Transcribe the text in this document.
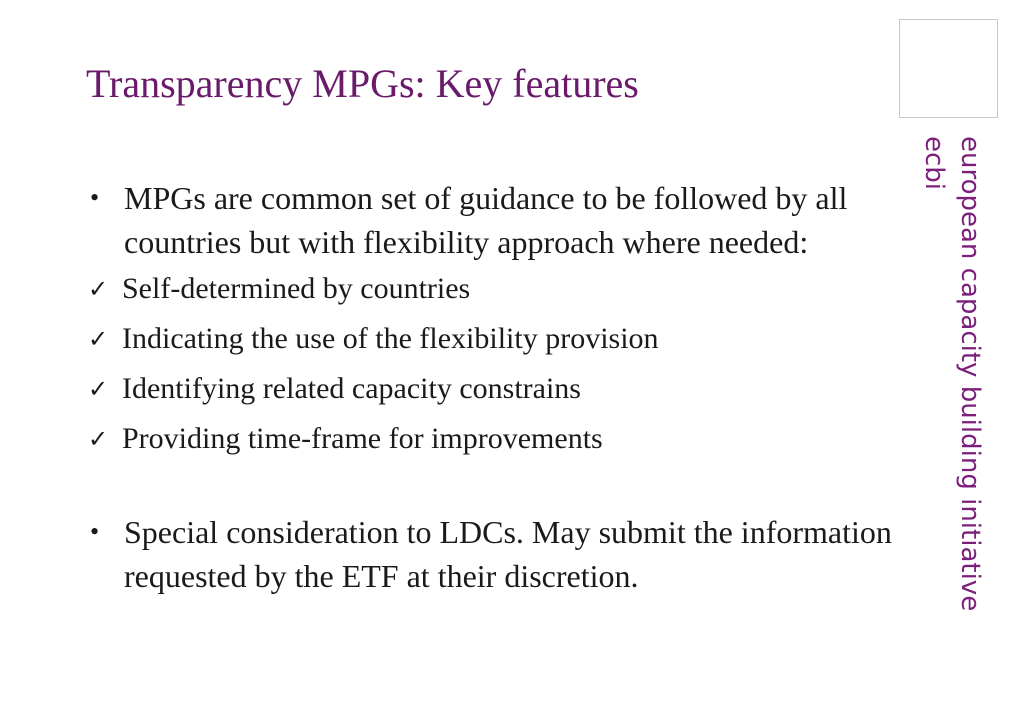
Transparency MPGs: Key features
european capacity building initiative
ecbi
• MPGs are common set of guidance to be followed by all countries but with flexibility approach where needed:
✓ Self-determined by countries
✓ Indicating the use of the flexibility provision
✓ Identifying related capacity constrains
✓ Providing time-frame for improvements
• Special consideration to LDCs. May submit the information requested by the ETF at their discretion.
